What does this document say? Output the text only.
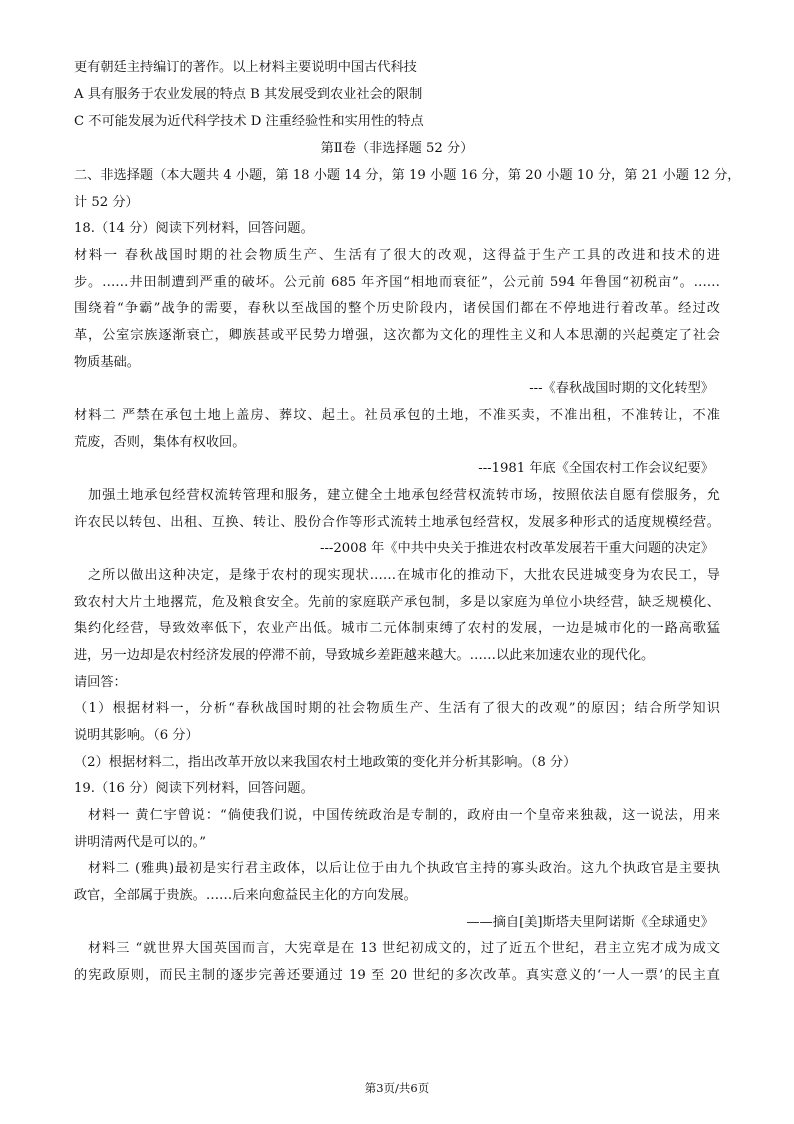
更有朝廷主持编订的著作。以上材料主要说明中国古代科技
A 具有服务于农业发展的特点 B 其发展受到农业社会的限制
C 不可能发展为近代科学技术 D 注重经验性和实用性的特点
第Ⅱ卷（非选择题 52 分）
二、非选择题（本大题共 4 小题，第 18 小题 14 分，第 19 小题 16 分，第 20 小题 10 分，第 21 小题 12 分，
计 52 分）
18.（14 分）阅读下列材料，回答问题。
材料一 春秋战国时期的社会物质生产、生活有了很大的改观，这得益于生产工具的改进和技术的进
步。……井田制遭到严重的破坏。公元前 685 年齐国“相地而衰征”，公元前 594 年鲁国“初税亩”。……
围绕着“争霸”战争的需要，春秋以至战国的整个历史阶段内，诸侯国们都在不停地进行着改革。经过改
革，公室宗族逐渐衰亡，卿族甚或平民势力增强，这次都为文化的理性主义和人本思潮的兴起奠定了社会
物质基础。
---《春秋战国时期的文化转型》
材料二 严禁在承包土地上盖房、葬坟、起土。社员承包的土地，不准买卖，不准出租，不准转让，不准
荒废，否则，集体有权收回。
---1981 年底《全国农村工作会议纪要》
加强土地承包经营权流转管理和服务，建立健全土地承包经营权流转市场，按照依法自愿有偿服务，允
许农民以转包、出租、互换、转让、股份合作等形式流转土地承包经营权，发展多种形式的适度规模经营。
---2008 年《中共中央关于推进农村改革发展若干重大问题的决定》
之所以做出这种决定，是缘于农村的现实现状……在城市化的推动下，大批农民进城变身为农民工，导
致农村大片土地撂荒，危及粮食安全。先前的家庭联产承包制，多是以家庭为单位小块经营，缺乏规模化、
集约化经营，导致效率低下，农业产出低。城市二元体制束缚了农村的发展，一边是城市化的一路高歌猛
进，另一边却是农村经济发展的停滞不前，导致城乡差距越来越大。……以此来加速农业的现代化。
请回答：
（1）根据材料一，分析“春秋战国时期的社会物质生产、生活有了很大的改观”的原因；结合所学知识
说明其影响。（6 分）
（2）根据材料二，指出改革开放以来我国农村土地政策的变化并分析其影响。（8 分）
19.（16 分）阅读下列材料，回答问题。
材料一 黄仁宇曾说：“倘使我们说，中国传统政治是专制的，政府由一个皇帝来独裁，这一说法，用来
讲明清两代是可以的。”
材料二 (雅典)最初是实行君主政体，以后让位于由九个执政官主持的寡头政治。这九个执政官是主要执
政官，全部属于贵族。……后来向愈益民主化的方向发展。
——摘自[美]斯塔夫里阿诺斯《全球通史》
材料三 “就世界大国英国而言，大宪章是在 13 世纪初成文的，过了近五个世纪，君主立宪才成为成文
的宪政原则，而民主制的逐步完善还要通过 19 至 20 世纪的多次改革。真实意义的‘一人一票’的民主直
第3页/共6页
